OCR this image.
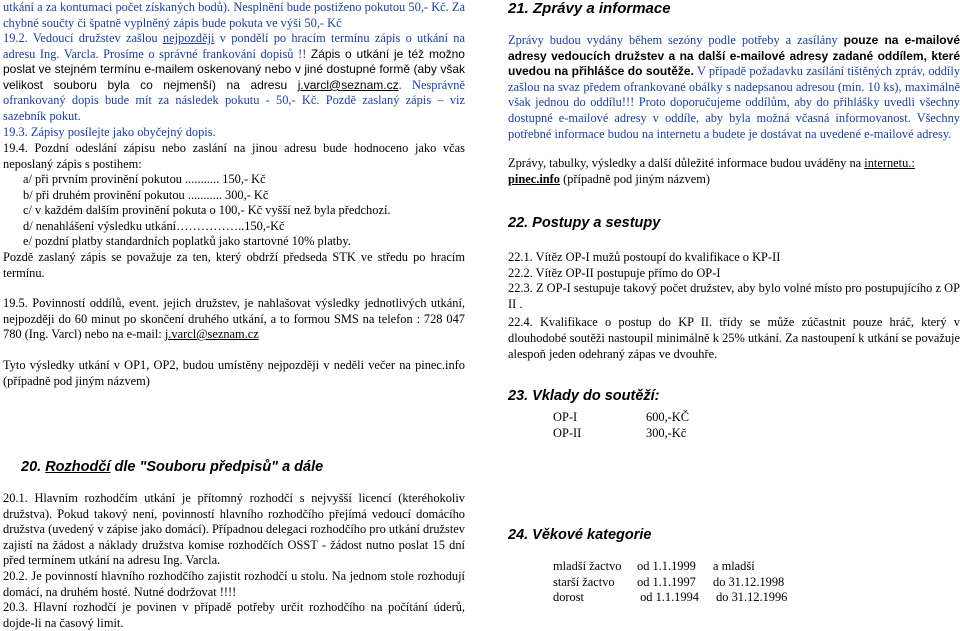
utkání a za kontumaci počet získaných bodů). Nesplnění bude postiženo pokutou 50,- Kč. Za chybné součty či špatně vyplněný zápis bude pokuta ve výši 50,- Kč

19.2. Vedoucí družstev zašlou nejpozději v pondělí po hracím termínu zápis o utkání na adresu Ing. Varcla. Prosíme o správné frankování dopisů !! Zápis o utkání je též možno poslat ve stejném termínu e-mailem oskenovaný nebo v jiné dostupné formě (aby však velikost souboru byla co nejmenší) na adresu j.varcl@seznam.cz. Nesprávně ofrankovaný dopis bude mít za následek pokutu - 50,- Kč. Pozdě zaslaný zápis – viz sazebník pokut.

19.3. Zápisy posílejte jako obyčejný dopis.

19.4. Pozdní odeslání zápisu nebo zaslání na jinou adresu bude hodnoceno jako včas neposlaný zápis s postihem:

a/ při prvním provinění pokutou ........... 150,- Kč
b/ při druhém provinění pokutou ........... 300,- Kč
c/ v každém dalším provinění pokuta o 100,- Kč vyšší než byla předchozí.
d/ nenahlášení výsledku utkání……………..150,-Kč
e/ pozdní platby standardních poplatků jako startovné 10% platby.

Pozdě zaslaný zápis se považuje za ten, který obdrží předseda STK ve středu po hracím termínu.

19.5. Povinností oddílů, event. jejich družstev, je nahlašovat výsledky jednotlivých utkání, nejpozději do 60 minut po skončení druhého utkání, a to formou SMS na telefon : 728 047 780 (Ing. Varcl) nebo na e-mail: j.varcl@seznam.cz

Tyto výsledky utkání v OP1, OP2, budou umístěny nejpozději v neděli večer na pinec.info (případně pod jiným názvem)

20. Rozhodčí dle "Souboru předpisů" a dále

20.1. Hlavním rozhodčím utkání je přítomný rozhodčí s nejvyšší licencí (kteréhokoliv družstva). Pokud takový není, povinností hlavního rozhodčího přejímá vedoucí domácího družstva (uvedený v zápise jako domácí). Případnou delegaci rozhodčího pro utkání družstev zajistí na žádost a náklady družstva komise rozhodčích OSST - žádost nutno poslat 15 dní před termínem utkání na adresu Ing. Varcla.

20.2. Je povinností hlavního rozhodčího zajistit rozhodčí u stolu. Na jednom stole rozhodují domácí, na druhém hosté. Nutné dodržovat !!!!

20.3. Hlavní rozhodčí je povinen v případě potřeby určit rozhodčího na počítání úderů, dojde-li na časový limit.

21. Zprávy a informace

Zprávy budou vydány během sezóny podle potřeby a zasílány pouze na e-mailové adresy vedoucích družstev a na další e-mailové adresy zadané oddílem, které uvedou na přihlášce do soutěže. V případě požadavku zasílání tištěných zpráv, oddíly zašlou na svaz předem ofrankované obálky s nadepsanou adresou (min. 10 ks), maximálně však jednou do oddílu!!! Proto doporučujeme oddílům, aby do přihlášky uvedli všechny dostupné e-mailové adresy v oddíle, aby byla možná včasná informovanost. Všechny potřebné informace budou na internetu a budete je dostávat na uvedené e-mailové adresy.

Zprávy, tabulky, výsledky a další důležité informace budou uváděny na internetu.:
pinec.info (případně pod jiným názvem)

22. Postupy a sestupy

22.1. Vítěz OP-I mužů postoupí do kvalifikace o KP-II

22.2. Vítěz OP-II postupuje přímo do OP-I

22.3. Z OP-I sestupuje takový počet družstev, aby bylo volné místo pro postupujícího z OP II .

22.4. Kvalifikace o postup do KP II. třídy se může zúčastnit pouze hráč, který v dlouhodobé soutěži nastoupil minimálně k 25% utkání. Za nastoupení k utkání se považuje alespoň jeden odehraný zápas ve dvouhře.

23. Vklady do soutěží:
OP-I	600,-KČ
OP-II	300,-Kč
24. Věkové kategorie
mladší žactvo	od 1.1.1999	a mladší
starší žactvo	od 1.1.1997	do 31.12.1998
dorost	od 1.1.1994	do 31.12.1996
